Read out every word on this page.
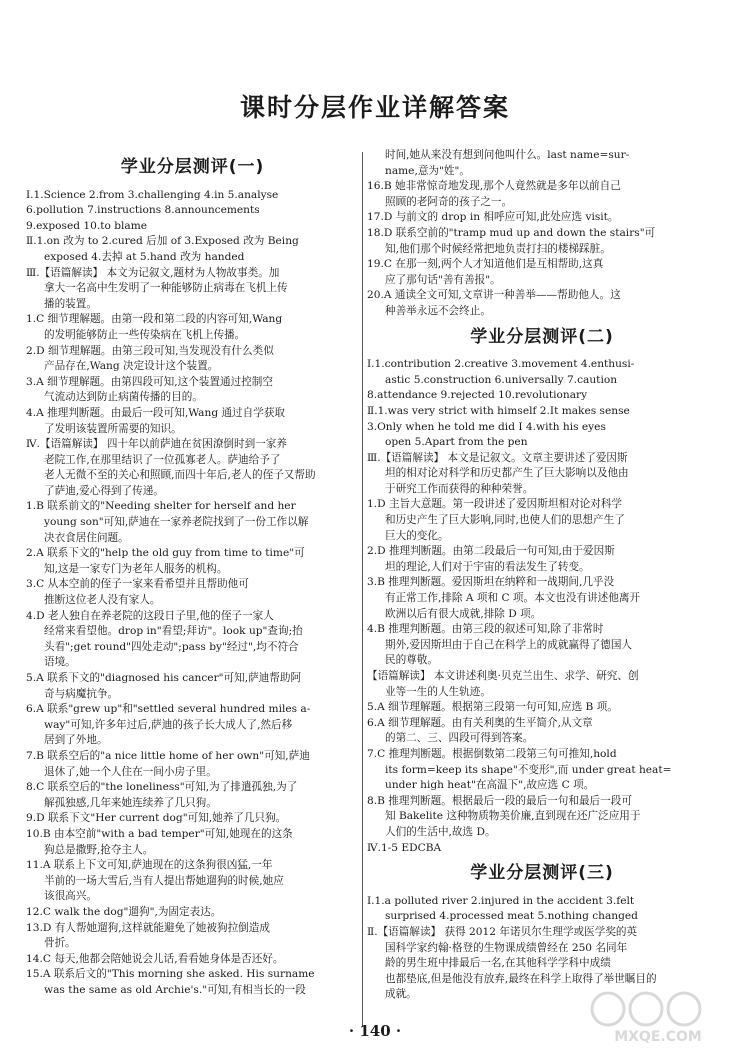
课时分层作业详解答案
学业分层测评(一)
Ⅰ.1.Science 2.from 3.challenging 4.in 5.analyse
6.pollution 7.instructions 8.announcements
9.exposed 10.to blame
Ⅱ.1.on 改为 to 2.cured 后加 of 3.Exposed 改为 Being
exposed 4.去掉 at 5.hand 改为 handed
Ⅲ.【语篇解读】 本文为记叙文,题材为人物故事类。加
拿大一名高中生发明了一种能够防止病毒在飞机上传
播的装置。
1.C 细节理解题。由第一段和第二段的内容可知,Wang
的发明能够防止一些传染病在飞机上传播。
2.D 细节理解题。由第三段可知,当发现没有什么类似
产品存在,Wang 决定设计这个装置。
3.A 细节理解题。由第四段可知,这个装置通过控制空
气流动达到防止病菌传播的目的。
4.A 推理判断题。由最后一段可知,Wang 通过自学获取
了发明该装置所需要的知识。
Ⅳ.【语篇解读】 四十年以前萨迪在贫困潦倒时到一家养
老院工作,在那里结识了一位孤寡老人。萨迪给予了
老人无微不至的关心和照顾,而四十年后,老人的侄子又帮助
了萨迪,爱心得到了传递。
1.B 联系前文的"Needing shelter for herself and her
young son"可知,萨迪在一家养老院找到了一份工作以解
决衣食居住问题。
2.A 联系下文的"help the old guy from time to time"可
知,这是一家专门为老年人服务的机构。
3.C 从本空前的侄子一家来看希望并且帮助他可
推断这位老人没有家人。
4.D 老人独自在养老院的这段日子里,他的侄子一家人
经常来看望他。drop in"看望;拜访"。look up"查询;抬
头看";get round"四处走动";pass by"经过",均不符合
语境。
5.A 联系下文的"diagnosed his cancer"可知,萨迪帮助阿
奇与病魔抗争。
6.A 联系"grew up"和"settled several hundred miles a-
way"可知,许多年过后,萨迪的孩子长大成人了,然后移
居到了外地。
7.B 联系空后的"a nice little home of her own"可知,萨迪
退休了,她一个人住在一间小房子里。
8.C 联系空后的"the loneliness"可知,为了排遣孤独,为了
解孤独感,几年来她连续养了几只狗。
9.D 联系下文"Her current dog"可知,她养了几只狗。
10.B 由本空前"with a bad temper"可知,她现在的这条
狗总是撒野,抢夺主人。
11.A 联系上下文可知,萨迪现在的这条狗很凶猛,一年
半前的一场大雪后,当有人提出帮她遛狗的时候,她应
该很高兴。
12.C walk the dog"遛狗",为固定表达。
13.D 有人帮她遛狗,这样就能避免了她被狗拉倒造成
骨折。
14.C 每天,他都会陪她说会儿话,看看她身体是否还好。
15.A 联系后文的"This morning she asked. His surname
was the same as old Archie's."可知,有相当长的一段
时间,她从来没有想到问他叫什么。last name=sur-
name,意为"姓"。
16.B 她非常惊奇地发现,那个人竟然就是多年以前自己
照顾的老阿奇的孩子之一。
17.D 与前文的 drop in 相呼应可知,此处应选 visit。
18.D 联系空前的"tramp mud up and down the stairs"可
知,他们那个时候经常把地负责打扫的楼梯踩脏。
19.C 在那一刻,两个人才知道他们是互相帮助,这真
应了那句话"善有善报"。
20.A 通读全文可知,文章讲一种善举——帮助他人。这
种善举永远不会终止。
学业分层测评(二)
Ⅰ.1.contribution 2.creative 3.movement 4.enthusi-
astic 5.construction 6.universally 7.caution
8.attendance 9.rejected 10.revolutionary
Ⅱ.1.was very strict with himself 2.It makes sense
3.Only when he told me did I 4.with his eyes
open 5.Apart from the pen
Ⅲ.【语篇解读】 本文是记叙文。文章主要讲述了爱因斯
坦的相对论对科学和历史都产生了巨大影响以及他由
于研究工作而获得的种种荣誉。
1.D 主旨大意题。第一段讲述了爱因斯坦相对论对科学
和历史产生了巨大影响,同时,也使人们的思想产生了
巨大的变化。
2.D 推理判断题。由第二段最后一句可知,由于爱因斯
坦的理论,人们对于宇宙的看法发生了转变。
3.B 推理判断题。爱因斯坦在纳粹和一战期间,几乎没
有正常工作,排除 A 项和 C 项。本文也没有讲述他离开
欧洲以后有很大成就,排除 D 项。
4.B 推理判断题。由第三段的叙述可知,除了非常时
期外,爱因斯坦由于自己在科学上的成就赢得了德国人
民的尊敬。
【语篇解读】 本文讲述利奥·贝克兰出生、求学、研究、创
业等一生的人生轨迹。
5.A 细节理解题。根据第三段第一句可知,应选 B 项。
6.A 细节理解题。由有关利奥的生平简介,从文章
的第二、三、四段可得到答案。
7.C 推理判断题。根据倒数第二段第三句可推知,hold
its form=keep its shape"不变形",而 under great heat=
under high heat"在高温下",故应选 C 项。
8.B 推理判断题。根据最后一段的最后一句和最后一段可
知 Bakelite 这种物质物美价廉,直到现在还广泛应用于
人们的生活中,故选 D。
Ⅳ.1-5 EDCBA
学业分层测评(三)
Ⅰ.1.a polluted river 2.injured in the accident 3.felt
surprised 4.processed meat 5.nothing changed
Ⅱ.【语篇解读】 获得 2012 年诺贝尔生理学或医学奖的英
国科学家约翰·格登的生物课成绩曾经在 250 名同年
龄的男生班中排最后一名,在其他科学学科中成绩
也都垫底,但是他没有放弃,最终在科学上取得了举世瞩目的
成就。
· 140 ·	MXQE.COM
